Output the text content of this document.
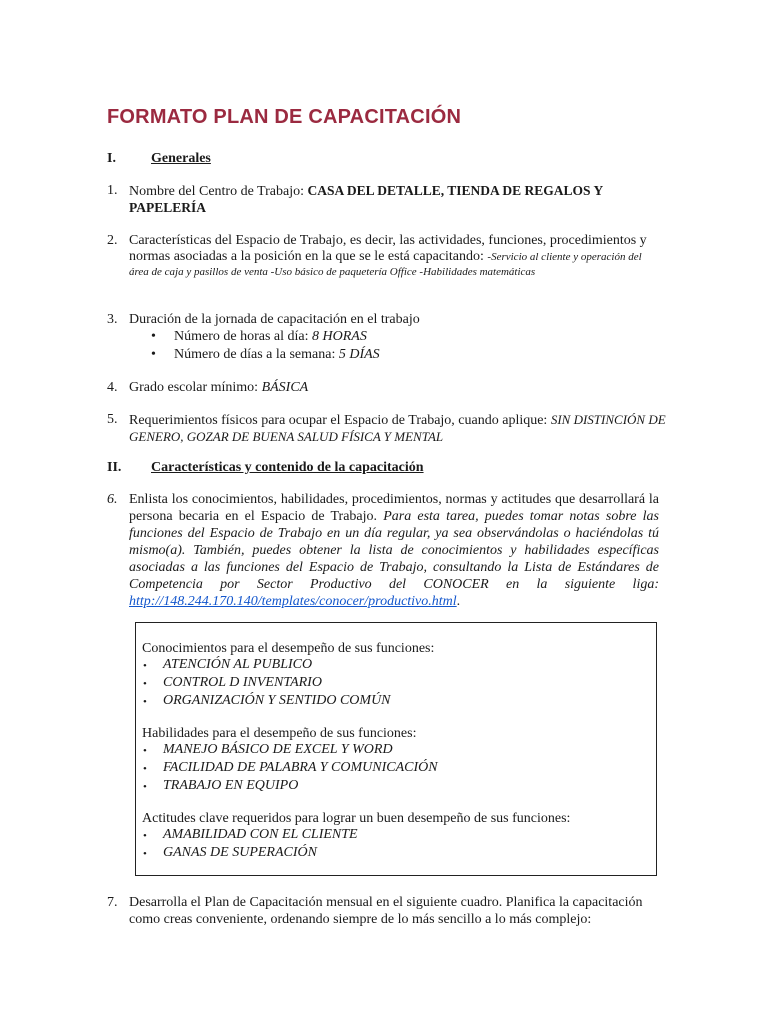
FORMATO PLAN DE CAPACITACIÓN
I.	Generales
1. Nombre del Centro de Trabajo: CASA DEL DETALLE, TIENDA DE REGALOS Y
PAPELERÍA
2. Características del Espacio de Trabajo, es decir, las actividades, funciones, procedimientos y
normas asociadas a la posición en la que se le está capacitando: -Servicio al cliente y operación del
área de caja y pasillos de venta -Uso básico de paquetería Office -Habilidades matemáticas
3. Duración de la jornada de capacitación en el trabajo
• Número de horas al día: 8 HORAS
• Número de días a la semana: 5 DÍAS
4. Grado escolar mínimo: BÁSICA
5. Requerimientos físicos para ocupar el Espacio de Trabajo, cuando aplique: SIN DISTINCIÓN DE
GENERO, GOZAR DE BUENA SALUD FÍSICA Y MENTAL
II. Características y contenido de la capacitación
6. Enlista los conocimientos, habilidades, procedimientos, normas y actitudes que desarrollará la
persona becaria en el Espacio de Trabajo. Para esta tarea, puedes tomar notas sobre las
funciones del Espacio de Trabajo en un día regular, ya sea observándolas o haciéndolas tú
mismo(a). También, puedes obtener la lista de conocimientos y habilidades específicas
asociadas a las funciones del Espacio de Trabajo, consultando la Lista de Estándares de
Competencia por Sector Productivo del CONOCER en la siguiente liga:
http://148.244.170.140/templates/conocer/productivo.html.
Conocimientos para el desempeño de sus funciones:
• ATENCIÓN AL PUBLICO
• CONTROL D INVENTARIO
• ORGANIZACIÓN Y SENTIDO COMÚN
Habilidades para el desempeño de sus funciones:
• MANEJO BÁSICO DE EXCEL Y WORD
• FACILIDAD DE PALABRA Y COMUNICACIÓN
• TRABAJO EN EQUIPO
Actitudes clave requeridos para lograr un buen desempeño de sus funciones:
• AMABILIDAD CON EL CLIENTE
• GANAS DE SUPERACIÓN
7. Desarrolla el Plan de Capacitación mensual en el siguiente cuadro. Planifica la capacitación
como creas conveniente, ordenando siempre de lo más sencillo a lo más complejo:
